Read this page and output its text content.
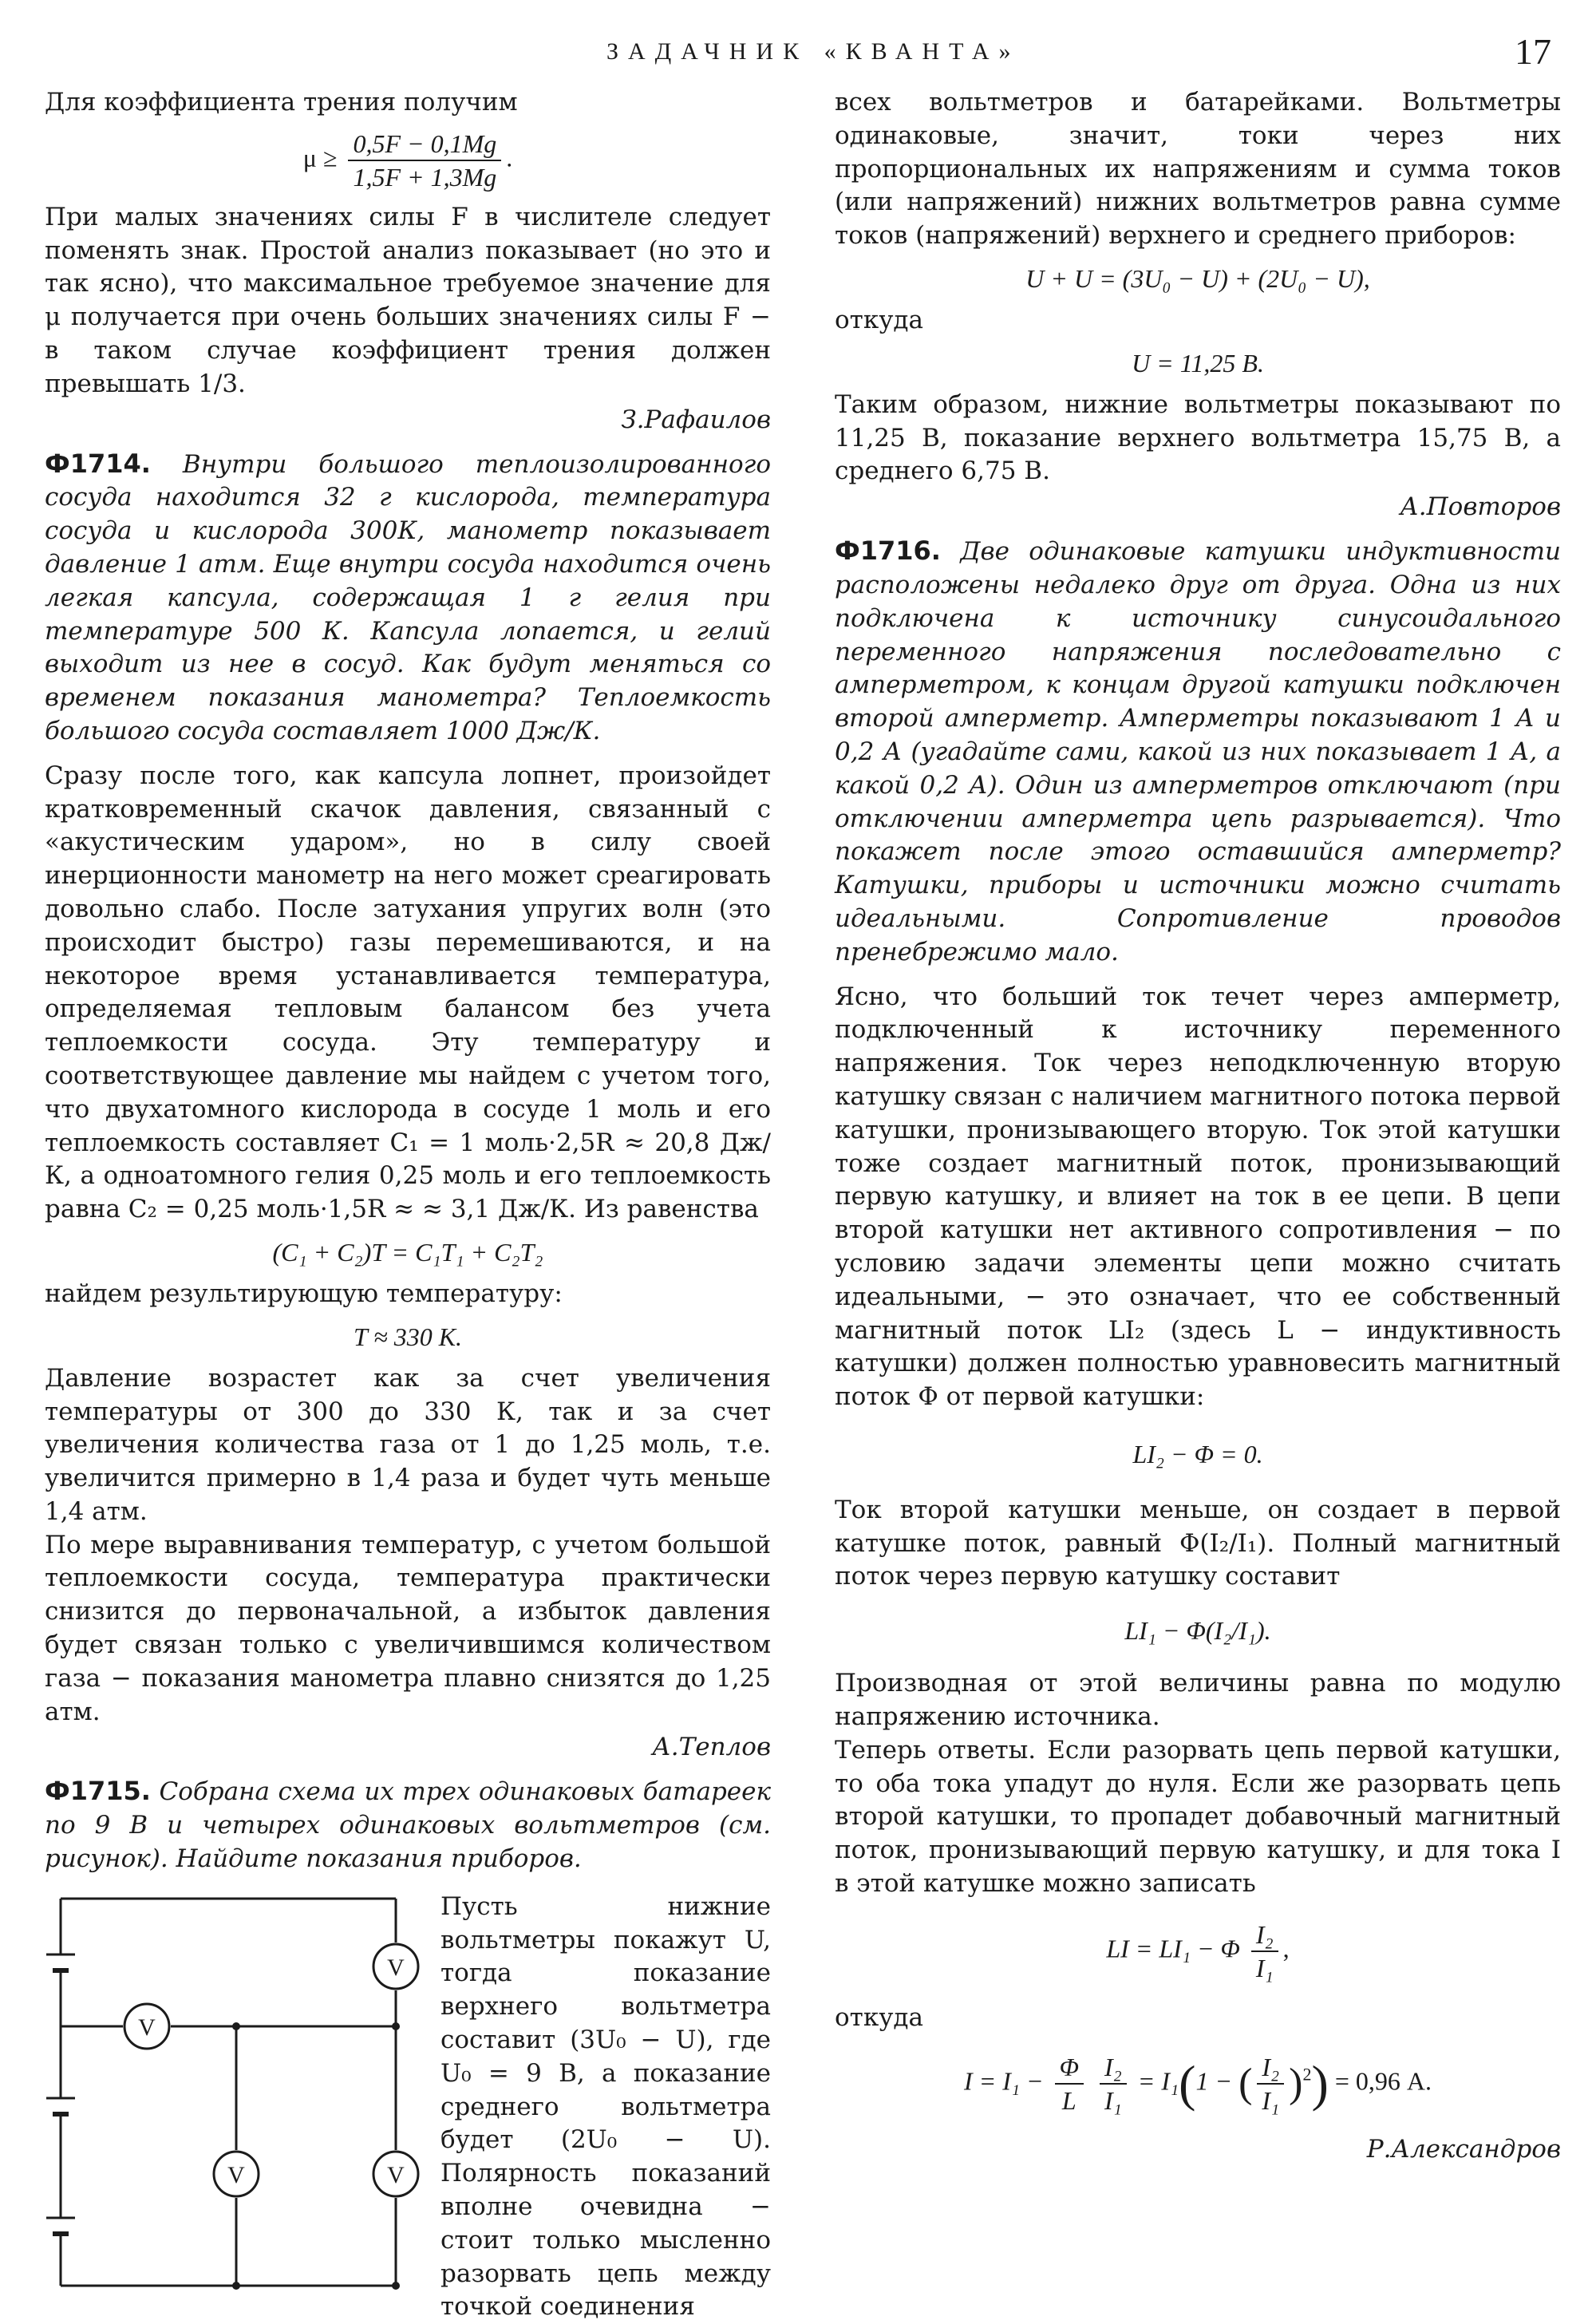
ЗАДАЧНИК «КВАНТА»	17

Для коэффициента трения получим

$\mu \ge \frac{0,5F - 0,1Mg}{1,5F + 1,3Mg}$ .

При малых значениях силы F в числителе следует поменять знак. Простой анализ показывает (но это и так ясно), что максимальное требуемое значение для μ получается при очень больших значениях силы F − в таком случае коэффициент трения должен превышать 1/3.

З.Рафаилов
Ф1714. Внутри большого теплоизолированного сосуда находится 32 г кислорода, температура сосуда и кислорода 300К, манометр показывает давление 1 атм. Еще внутри сосуда находится очень легкая капсула, содержащая 1 г гелия при температуре 500 К. Капсула лопается, и гелий выходит из нее в сосуд. Как будут меняться со временем показания манометра? Теплоемкость большого сосуда составляет 1000 Дж/К.

Сразу после того, как капсула лопнет, произойдет кратковременный скачок давления, связанный с «акустическим ударом», но в силу своей инерционности манометр на него может среагировать довольно слабо. После затухания упругих волн (это происходит быстро) газы перемешиваются, и на некоторое время устанавливается температура, определяемая тепловым балансом без учета теплоемкости сосуда. Эту температуру и соответствующее давление мы найдем с учетом того, что двухатомного кислорода в сосуде 1 моль и его теплоемкость составляет C₁ = 1 моль·2,5R ≈ 20,8 Дж/К, а одноатомного гелия 0,25 моль и его теплоемкость равна C₂ = 0,25 моль·1,5R ≈ ≈ 3,1 Дж/К. Из равенства

(C₁ + C₂)T = C₁T₁ + C₂T₂

найдем результирующую температуру:

T ≈ 330 К.

Давление возрастет как за счет увеличения температуры от 300 до 330 К, так и за счет увеличения количества газа от 1 до 1,25 моль, т.е. увеличится примерно в 1,4 раза и будет чуть меньше 1,4 атм.

По мере выравнивания температур, с учетом большой теплоемкости сосуда, температура практически снизится до первоначальной, а избыток давления будет связан только с увеличившимся количеством газа − показания манометра плавно снизятся до 1,25 атм.

А.Теплов
Ф1715. Собрана схема их трех одинаковых батареек по 9 В и четырех одинаковых вольтметров (см. рисунок). Найдите показания приборов.
V
V
V	V
Пусть нижние вольтметры покажут U, тогда показание верхнего вольтметра составит (3U₀ − U), где U₀ = 9 В, а показание среднего вольтметра будет (2U₀ − U). Полярность показаний вполне очевидна − стоит только мысленно разорвать цепь между точкой соединения

всех вольтметров и батарейками. Вольтметры одинаковые, значит, токи через них пропорциональных их напряжениям и сумма токов (или напряжений) нижних вольтметров равна сумме токов (напряжений) верхнего и среднего приборов:

U + U = (3U₀ − U) + (2U₀ − U),

откуда

U = 11,25 В.

Таким образом, нижние вольтметры показывают по 11,25 В, показание верхнего вольтметра 15,75 В, а среднего 6,75 В.

А.Повторов
Ф1716. Две одинаковые катушки индуктивности расположены недалеко друг от друга. Одна из них подключена к источнику синусоидального переменного напряжения последовательно с амперметром, к концам другой катушки подключен второй амперметр. Амперметры показывают 1 А и 0,2 А (угадайте сами, какой из них показывает 1 А, а какой 0,2 А). Один из амперметров отключают (при отключении амперметра цепь разрывается). Что покажет после этого оставшийся амперметр? Катушки, приборы и источники можно считать идеальными. Сопротивление проводов пренебрежимо мало.

Ясно, что больший ток течет через амперметр, подключенный к источнику переменного напряжения. Ток через неподключенную вторую катушку связан с наличием магнитного потока первой катушки, пронизывающего вторую. Ток этой катушки тоже создает магнитный поток, пронизывающий первую катушку, и влияет на ток в ее цепи. В цепи второй катушки нет активного сопротивления − по условию задачи элементы цепи можно считать идеальными, − это означает, что ее собственный магнитный поток LI₂ (здесь L − индуктивность катушки) должен полностью уравновесить магнитный поток Φ от первой катушки:

LI₂ − Φ = 0.

Ток второй катушки меньше, он создает в первой катушке поток, равный Φ(I₂/I₁). Полный магнитный поток через первую катушку составит

LI₁ − Φ(I₂/I₁).

Производная от этой величины равна по модулю напряжению источника.

Теперь ответы. Если разорвать цепь первой катушки, то оба тока упадут до нуля. Если же разорвать цепь второй катушки, то пропадет добавочный магнитный поток, пронизывающий первую катушку, и для тока I в этой катушке можно записать

LI = LI₁ − Φ $\frac{\text{I₂}}{\text{I₁}}$ ,

откуда

$I = I_1 - \frac{\Phi}{L}$
$\frac{\text{I₂}}{\text{I₁}} = I_1(1$ − ( $\frac{\text{I₂}}{\text{I₁}} )^2) = 0,96$ А.
Р.Александров
